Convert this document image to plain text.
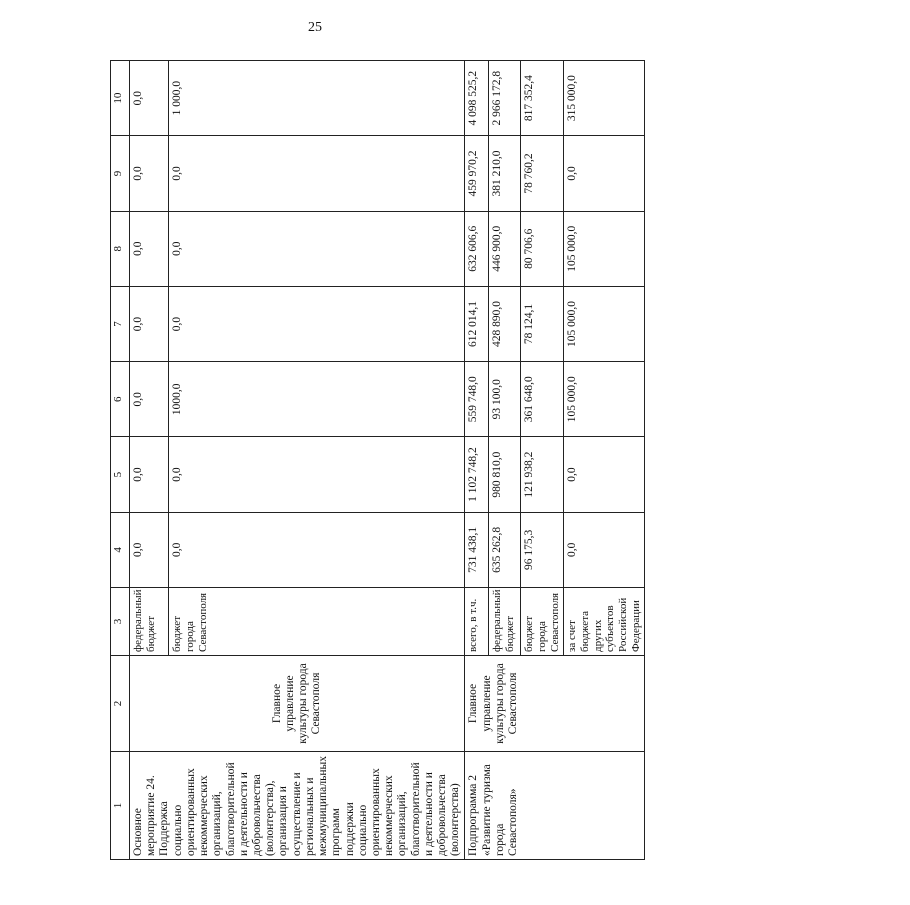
25
1	2	3	4	5	6	7	8	9	10
Основное мероприятие 24. Поддержка социально ориентированных некоммерческих организаций, благотворительной и деятельности и добровольчества (волонтерства), организация и осуществление и региональных и межмуниципальных программ поддержки социально ориентированных некоммерческих организаций, благотворительной и деятельности и добровольчества (волонтерства)	Главное управление культуры города Севастополя	федеральный бюджет	0,0	0,0	0,0	0,0	0,0	0,0	0,0
		бюджет города Севастополя	0,0	0,0	1000,0	0,0	0,0	0,0	1 000,0
Подпрограмма 2 «Развитие туризма города Севастополя»	Главное управление культуры города Севастополя	всего, в т.ч.	731 438,1	1 102 748,2	559 748,0	612 014,1	632 606,6	459 970,2	4 098 525,2
		федеральный бюджет	635 262,8	980 810,0	93 100,0	428 890,0	446 900,0	381 210,0	2 966 172,8
		бюджет города Севастополя	96 175,3	121 938,2	361 648,0	78 124,1	80 706,6	78 760,2	817 352,4
		за счет бюджета других субъектов Российской Федерации	0,0	0,0	105 000,0	105 000,0	105 000,0	0,0	315 000,0
